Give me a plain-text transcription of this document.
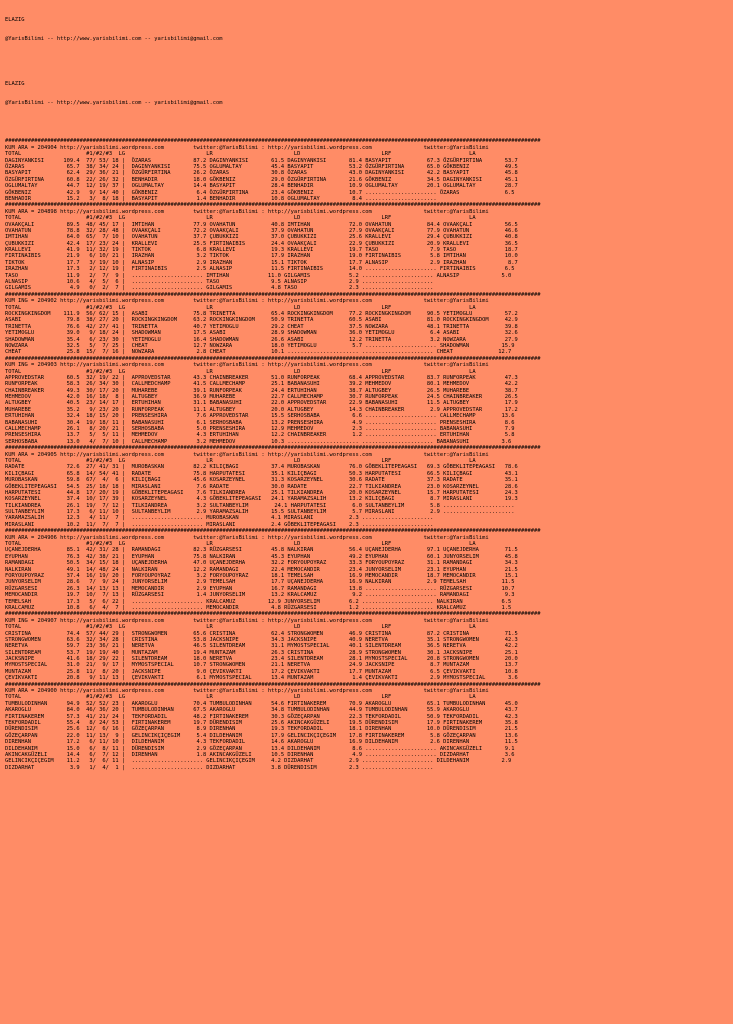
ELAZIG

@YarisBilimi -- http://www.yarisbilimi.com -- yarisbilimi@gmail.com

ELAZIG

@YarisBilimi -- http://www.yarisbilimi.com -- yarisbilimi@gmail.com

#####################################################################################################################################################################
KUM ARA = 204904 http://yarisbilimi.wordpress.com         twitter:@YarisBilimi : http://yarisbilimi.wordpress.com                twitter:@YarisBilimi
TOTAL                    #1/#2/#3  LG                         LR                         LD                         LRF                        LA
DAGINYANKISI      109.4  77/ 53/ 18 |  ÖZARAS             87.2 DAGINYANKISI       61.5 DAGINYANKISI       81.4 BASYAPIT           67.3 ÖZGÜRFIRTINA       53.7
ÖZARAS             65.7  38/ 34/ 24 |  DAGINYANKISI       75.5 OGLUMALTAY         45.4 BASYAPIT           53.2 ÖZGÜRFIRTINA       65.0 GÖKBENIZ           49.5
BASYAPIT           62.4  29/ 36/ 21 |  ÖZGÜRFIRTINA       26.2 ÖZARAS             30.8 ÖZARAS             43.0 DAGINYANKISI       42.2 BASYAPIT           45.8
ÖZGÜRFIRTINA       60.8  22/ 26/ 32 |  BENHADIR           18.0 GÖKBENIZ           29.0 ÖZGÜRFIRTINA       21.6 GÖKBENIZ           34.5 DAGINYANKISI       45.1
OGLUMALTAY         44.7  12/ 19/ 37 |  OGLUMALTAY         14.4 BASYAPIT           28.4 BENHADIR           10.9 OGLUMALTAY         20.1 OGLUMALTAY         28.7
GÖKBENIZ           42.9   9/ 14/ 40 |  GÖKBENIZ            6.4 ÖZGÜRFIRTINA       23.4 GÖKBENIZ           10.7 ...................... ÖZARAS              6.5
BENHADIR           15.2   3/  8/ 18 |  BASYAPIT            1.4 BENHADIR           10.8 OGLUMALTAY          8.4 ......................
#####################################################################################################################################################################
KUM ARA = 204898 http://yarisbilimi.wordpress.com         twitter:@YarisBilimi : http://yarisbilimi.wordpress.com                twitter:@YarisBilimi
TOTAL                    #1/#2/#3  LG                         LR                         LD                         LRF                        LA
OVAAKÇALI          89.5  48/ 45/ 17 |  IMTIHAN            77.9 OVAHATUN           40.8 IMTIHAN            72.0 OVAHATUN           84.4 OVAAKÇALI          56.5
OVAHATUN           78.8  32/ 28/ 48 |  OVAAKÇALI          72.2 OVAAKÇALI          37.9 OVAHATUN           27.9 OVAAKÇALI          77.9 OVAHATUN           46.6
IMTIHAN            64.0  65/  7/ 10 |  OVAHATUN           37.7 ÇUBUKKIZI          37.0 ÇUBUKKIZI          25.6 KRALLEVI           29.4 ÇUBUKKIZI          40.8
ÇUBUKKIZI          42.4  17/ 23/ 24 |  KRALLEVI           25.5 FIRTINAIBIS        24.4 OVAAKÇALI          22.9 ÇUBUKKIZI          20.9 KRALLEVI           36.5
KRALLEVI           41.9  11/ 32/ 19 |  TIKTOK              6.8 KRALLEVI           19.3 KRALLEVI           19.7 TASO                7.9 TASO               18.7
FIRTINAIBIS        21.9   6/ 10/ 21 |  IRAZHAN             3.2 TIKTOK             17.9 IRAZHAN            19.0 FIRTINAIBIS         5.8 IMTIHAN            10.0
TIKTOK             17.7   3/ 19/ 10 |  ALNASIP             2.9 IRAZHAN            15.1 TIKTOK             17.7 ALNASIP             2.9 IRAZHAN             8.7
IRAZHAN            17.3   2/ 12/ 19 |  FIRTINAIBIS         2.5 ALNASIP            11.5 FIRTINAIBIS        14.0 ...................... FIRTINAIBIS         6.5
TASO               11.9   2/  7/  9 |  ...................... IMTIHAN            11.0 GILGAMIS            5.2 ...................... ALNASIP             5.0
ALNASIP            10.6   4/  5/  6 |  ...................... TASO                9.5 ALNASIP             2.9 ......................
GILGAMIS            4.9   0/  2/  7 |  ...................... GILGAMIS            4.8 TASO                2.3 ......................
#####################################################################################################################################################################
KUM ING = 204902 http://yarisbilimi.wordpress.com         twitter:@YarisBilimi : http://yarisbilimi.wordpress.com                twitter:@YarisBilimi
TOTAL                    #1/#2/#3  LG                         LR                         LD                         LRF                        LA
ROCKINGKINGDOM    111.9  56/ 62/ 15 |  ASABI              75.8 TRINETTA           65.4 ROCKINGKINGDOM     77.2 ROCKINGKINGDOM     90.5 YETIMOGLU          57.2
ASABI              79.8  38/ 27/ 20 |  ROCKINGKINGDOM     63.2 ROCKINGKINGDOM     50.9 TRINETTA           60.5 ASABI              81.0 ROCKINGKINGDOM     42.9
TRINETTA           76.6  42/ 27/ 41 |  TRINETTA           40.7 YETIMOGLU          29.2 CHEAT              37.5 NOWZARA            48.1 TRINETTA           39.8
YETIMOGLU          39.0   9/ 18/ 24 |  SHADOWMAN          17.5 ASABI              28.9 SHADOWMAN          36.0 YETIMOGLU           6.4 ASABI              32.6
SHADOWMAN          35.4   6/ 23/ 30 |  YETIMOGLU          16.4 SHADOWMAN          26.6 ASABI              12.2 TRINETTA            3.2 NOWZARA            27.9
NOWZARA            32.5   5/  7/ 25 |  CHEAT              12.7 NOWZARA            18.0 YETIMOGLU           5.7 ...................... SHADOWMAN          15.9
CHEAT              25.8  15/  7/ 16 |  NOWZARA             2.8 CHEAT              10.1 ...................... ...................... CHEAT              12.7
#####################################################################################################################################################################
KUM ING = 204903 http://yarisbilimi.wordpress.com         twitter:@YarisBilimi : http://yarisbilimi.wordpress.com                twitter:@YarisBilimi
TOTAL                    #1/#2/#3  LG                         LR                         LD                         LRF                        LA
APPROVEDSTAR       60.5  32/ 19/ 22 |  APPROVEDSTAR       43.3 CHAINBREAKER       51.0 RUNFORPEAK         68.4 APPROVEDSTAR       83.7 RUNFORPEAK         47.3
RUNFORPEAK         58.3  26/ 34/ 30 |  CALLMEDCHAMP       41.5 CALLMECHAMP        25.1 BABANASUHI         39.2 MEHMEDOV           80.1 MEHMEDOV           42.2
CHAINBREAKER       49.3  30/ 17/ 20 |  MUHAREBE           39.1 RUNFORPEAK         24.4 ERTUHIHAN          38.7 ALTUGBEY           26.5 MUHAREBE           38.7
MEHMEDOV           42.0  16/ 18/  8 |  ALTUGBEY           36.9 MUHAREBE           22.7 CALLMECHAMP        30.7 RUNFORPEAK         24.5 CHAINBREAKER       26.5
ALTUGBEY           40.5  23/ 14/ 17 |  ERTUHIHAN          31.1 BABANASUHI         22.0 APPROVEDSTAR       22.9 BABANASUHI         11.5 ALTUGBEY           17.9
MUHAREBE           35.2   9/ 23/ 20 |  RUNFORPEAK         11.1 ALTUGBEY           20.0 ALTUGBEY           14.3 CHAINBREAKER        2.9 APPROVEDSTAR       17.2
ERTUHIHAN          32.4  18/ 15/ 20 |  PRENSESHIRA         7.6 APPROVEDSTAR       15.5 SERHOSBABA          6.6 ...................... CALLMECHAMP        13.6
BABANASUHI         30.4  19/ 18/ 11 |  BABANASUHI          6.1 SERHOSBABA         13.2 PRENSESHIRA         4.9 ...................... PRENSESHIRA         8.6
CALLMECHAMP        26.1   8/ 20/ 21 |  SERHOSBABA          5.0 PRENSESHIRA        12.9 MEHMEDOV            2.3 ...................... BABANASUHI          7.9
PRENSESHIRA        13.7   5/  5/ 11 |  MEHMEDOV            4.3 ERTUHIHAN          12.2 CHAINBREAKER        1.2 ...................... ERTUHIHAN           5.8
SERHOSBABA         13.0   4/  7/ 10 |  CALLMECHAMP         3.2 MEHMEDOV           10.3 ...................... ...................... BABANASUHI          3.6
#####################################################################################################################################################################
KUM ARA = 204905 http://yarisbilimi.wordpress.com         twitter:@YarisBilimi : http://yarisbilimi.wordpress.com                twitter:@YarisBilimi
TOTAL                    #1/#2/#3  LG                         LR                         LD                         LRF                        LA
RADATE             72.6  27/ 41/ 31 |  MUROBASKAN         82.2 KILIÇBAGI          37.4 MUROBASKAN         76.0 GÖBEKLITEPEAGASI   69.3 GÖBEKLITEPEAGASI   78.6
KILIÇBAGI          65.8  14/ 54/ 41 |  RADATE             75.8 HARPUTATESI        35.1 KILIÇBAGI          50.3 HARPUTATESI        66.5 KILIÇBAGI          43.1
MUROBASKAN         59.8  67/  4/  6 |  KILIÇBAGI          45.6 KOSARZEYNEL        31.3 KOSARZEYNEL        30.6 RADATE             37.3 RADATE             35.1
GÖBEKLITEPEAGASI   54.5  25/ 18/ 18 |  MIRASLANI           7.6 RADATE             30.0 RADATE             22.7 TILKIANDREA        23.0 KOSARZEYNEL        28.6
HARPUTATESI        44.8  17/ 20/ 19 |  GÖBEKLITEPEAGASI    7.6 TILKIANDREA        25.1 TILKIANDREA        20.0 KOSARZEYNEL        15.7 HARPUTATESI        24.3
KOSARZEYNEL        37.4  10/ 17/ 39 |  KOSARZEYNEL         4.3 GÖBEKLITEPEAGASI   24.1 YARAMAZSALIH       13.2 KILIÇBAGI           8.7 MIRASLANI          19.3
TILKIANDREA        26.1  19/  7/ 12 |  TILKIANDREA         3.2 SULTANBEYLIM        24.1 HARPUTATESI        6.0 SULTANBEYLIM        5.8 ......................
SULTANBEYLIM       17.3   6/ 11/ 10 |  SULTANBEYLIM        2.9 YARAMAZSALIH       15.5 SULTANBEYLIM        5.7 MIRASLANI           2.9 ......................
YARAMAZSALIH       12.3   4/ 11/  7 |  ...................... MUROBASKAN          4.1 MIRASLANI           2.3 ......................
MIRASLANI          10.2  11/  7/  7 |  ...................... MIRASLANI           2.4 GÖBEKLITEPEAGASI    2.3 ......................
#####################################################################################################################################################################
KUM ARA = 204906 http://yarisbilimi.wordpress.com         twitter:@YarisBilimi : http://yarisbilimi.wordpress.com                twitter:@YarisBilimi
TOTAL                    #1/#2/#3  LG                         LR                         LD                         LRF                        LA
UÇANEJDERHA        85.1  42/ 31/ 28 |  RAMANDAGI          82.3 RÜZGARSESI         45.8 NALKIRAN           56.4 UÇANEJDERHA        97.1 UÇANEJDERHA        71.5
EYUPHAN            76.3  42/ 38/ 21 |  EYUPHAN            75.8 NALKIRAN           45.3 EYUPHAN            49.2 EYUPHAN            60.1 JUNYORSELIM        45.8
RAMANDAGI          50.5  34/ 15/ 18 |  UÇANEJDERHA        47.0 UÇANEJDERHA        32.2 FORYOUPOYRAZ       33.3 FORYOUPOYRAZ       31.1 RAMANDAGI          34.3
NALKIRAN           49.1  14/ 48/ 24 |  NALKIRAN           12.2 RAMANDAGI          22.4 MEMOCANDIR         23.4 JUNYORSELIM        23.1 EYUPHAN            21.5
FORYOUPOYRAZ       37.4  16/ 19/ 20 |  FORYOUPOYRAZ        3.2 FORYOUPOYRAZ       18.1 TEMELSAH           16.9 MEMOCANDIR         18.7 MEMOCANDIR         15.1
JUNYORSELIM        28.6   7/  9/ 24 |  JUNYORSELIM         2.9 TEMELSAH           17.7 UÇANEJDERHA        16.9 NALKIRAN           2.9 TEMELSAH           11.5
RÜZGARSESI         26.3  14/ 13/ 13 |  MEMOCANDIR          2.9 EYUPHAN            16.7 RAMANDAGI          13.8 ...................... RÜZGARSESI         10.7
MEMOCANDIR         19.7  10/  7/ 13 |  RÜZGARSESI          1.4 JUNYORSELIM        13.2 KRALCAMUZ           9.2 ...................... RAMANDAGI           9.3
TEMELSAH           17.3   5/  6/ 22 |  ...................... KRALCAMUZ          12.9 JUNYORSELIM         6.2 ...................... NALKIRAN            6.5
KRALCAMUZ          10.8   6/  4/  7 |  ...................... MEMOCANDIR          4.8 RÜZGARSESI          1.2 ...................... KRALCAMUZ           1.5
#####################################################################################################################################################################
KUM ING = 204907 http://yarisbilimi.wordpress.com         twitter:@YarisBilimi : http://yarisbilimi.wordpress.com                twitter:@YarisBilimi
TOTAL                    #1/#2/#3  LG                         LR                         LD                         LRF                        LA
CRISTINA           74.4  57/ 44/ 29 |  STRONGWOMEN        65.6 CRISTINA           62.4 STRONGWOMEN        46.9 CRISTINA           87.2 CRISTINA           71.5
STRONGWOMEN        63.6  32/ 34/ 28 |  CRISTINA           53.8 JACKSNIPE          34.3 JACKSNIPE          40.9 NERETVA            35.1 STRONGWOMEN        42.3
NERETVA            59.7  23/ 36/ 21 |  NERETVA            46.5 SILENTDREAM        31.1 MYMOSTSPECIAL      40.1 SILENTDREAM        36.5 NERETVA            42.2
SILENTDREAM        53.7  19/ 19/ 40 |  MUNTAZAM           19.4 MUNTAZAM           26.3 CRISTINA           28.9 STRONGWOMEN        30.1 JACKSNIPE          25.1
JACKSNIPE          41.6  18/ 29/ 22 |  SILENTDREAM        18.0 NERETVA            23.4 SILENTDREAM        28.1 MYMOSTSPECIAL      20.8 STRONGWOMEN        20.0
MYMOSTSPECIAL      31.0  21/  9/ 17 |  MYMOSTSPECIAL      10.7 STRONGWOMEN        21.1 NERETVA            24.9 JACKSNIPE           8.7 MUNTAZAM           13.7
MUNTAZAM           25.8  11/  8/ 20 |  JACKSNIPE           9.0 ÇEVIKVAKTI         17.2 ÇEVIKVAKTI         17.7 MUNTAZAM            6.5 ÇEVIKVAKTI         10.8
ÇEVIKVAKTI         20.8   9/ 11/ 13 |  ÇEVIKVAKTI          6.1 MYMOSTSPECIAL      13.4 MUNTAZAM            1.4 ÇEVIKVAKTI          2.9 MYMOSTSPECIAL       3.6
#####################################################################################################################################################################
KUM ARA = 204900 http://yarisbilimi.wordpress.com         twitter:@YarisBilimi : http://yarisbilimi.wordpress.com                twitter:@YarisBilimi
TOTAL                    #1/#2/#3  LG                         LR                         LD                         LRF                        LA
TUMBULODINHAN      94.9  52/ 52/ 23 |  AKAROGLU           70.4 TUMBULODINHAN      54.6 FIRTINAKEREM       70.9 AKAROGLU           65.1 TUMBULODINHAN      45.0
AKAROGLU           84.0  46/ 36/ 20 |  TUMBULODINHAN      67.5 AKAROGLU           34.8 TUMBULODINHAN      44.9 TUMBULODINHAN      55.9 AKAROGLU           43.7
FIRTINAKEREM       57.3  41/ 21/ 24 |  TEKFORDADIL        48.2 FIRTINAKEREM       30.3 GÖZEÇARPAN         22.3 TEKFORDADIL        50.9 TEKFORDADIL        42.3
TEKFORDADIL        55.4   8/ 24/ 53 |  FIRTINAKEREM       19.7 DÜRENDISIM         25.6 AKINCAKGÜZELI      19.5 DÜRENDISIM         17.9 FIRTINAKEREM       35.8
DÜRENDISIM         25.6  12/  6/ 16 |  GÖZEÇARPAN          8.9 DIRENHAN           19.3 TEKFORDADIL        18.1 DIRENHAN           10.0 DÜRENDISIM         21.5
GÖZEÇARPAN         22.0  11/ 13/  9 |  GELINCIKÇIÇEGIM     5.4 DILDEHANIM         17.9 GELINCIKÇIÇEGIM    17.8 FIRTINAKEREM        5.8 GÖZEÇARPAN         13.6
DIRENHAN           17.2   6/ 11/ 10 |  DILDEHANIM          4.3 TEKFORDADIL        14.6 AKAROGLU           16.9 DILDEHANIM          2.6 DIRENHAN           11.5
DILDEHANIM         15.0   6/  8/ 11 |  DÜRENDISIM          2.9 GÖZEÇARPAN         13.4 DILDEHANIM          8.6 ...................... AKINCAKGÜZELI       9.1
AKINCAKGÜZELI      14.4   6/  7/ 12 |  DIRENHAN            1.8 AKINCAKGÜZELI      10.5 DIRENHAN            4.9 ...................... DIZDARHAT           3.6
GELINCIKÇIÇEGIM    11.2   3/  6/ 11 |  ...................... GELINCIKÇIÇEGIM     4.2 DIZDARHAT           2.9 ...................... DILDEHANIM          2.9
DIZDARHAT           3.9   1/  4/  1 |  ...................... DIZDARHAT           3.8 DÜRENDISIM          2.3 ......................
